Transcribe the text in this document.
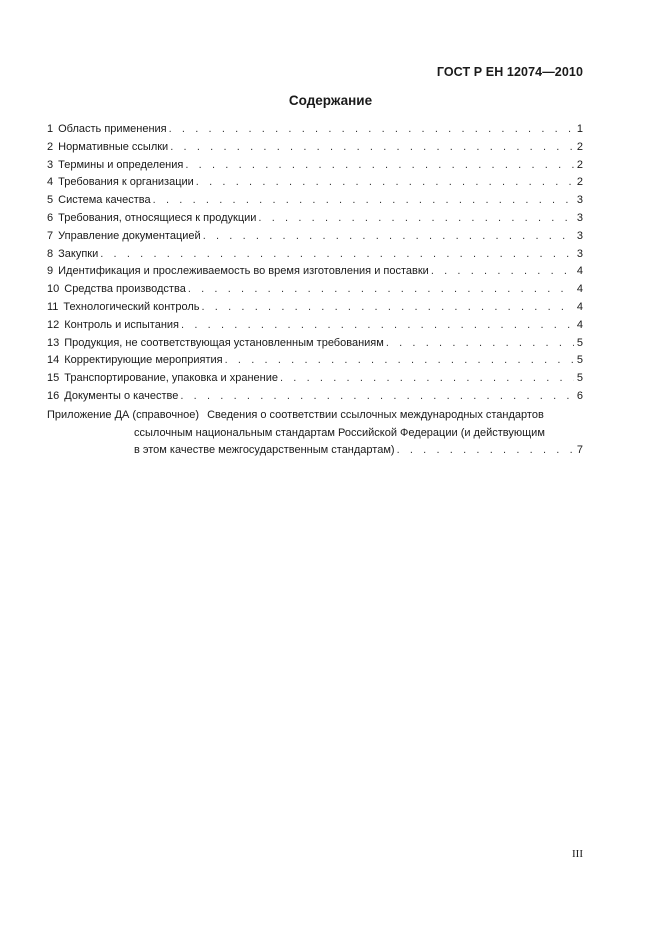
ГОСТ Р ЕН 12074—2010
Содержание
1 Область применения . . .	1
2 Нормативные ссылки . . .	2
3 Термины и определения . . .	2
4 Требования к организации . . .	2
5 Система качества . . .	3
6 Требования, относящиеся к продукции . . .	3
7 Управление документацией . . .	3
8 Закупки . . .	3
9 Идентификация и прослеживаемость во время изготовления и поставки . . .	4
10 Средства производства . . .	4
11 Технологический контроль . . .	4
12 Контроль и испытания . . .	4
13 Продукция, не соответствующая установленным требованиям . . .	5
14 Корректирующие мероприятия . . .	5
15 Транспортирование, упаковка и хранение . . .	5
16 Документы о качестве . . .	6
Приложение ДА (справочное) Сведения о соответствии ссылочных международных стандартов
ссылочным национальным стандартам Российской Федерации (и действующим
в этом качестве межгосударственным стандартам) . . .	7
III
